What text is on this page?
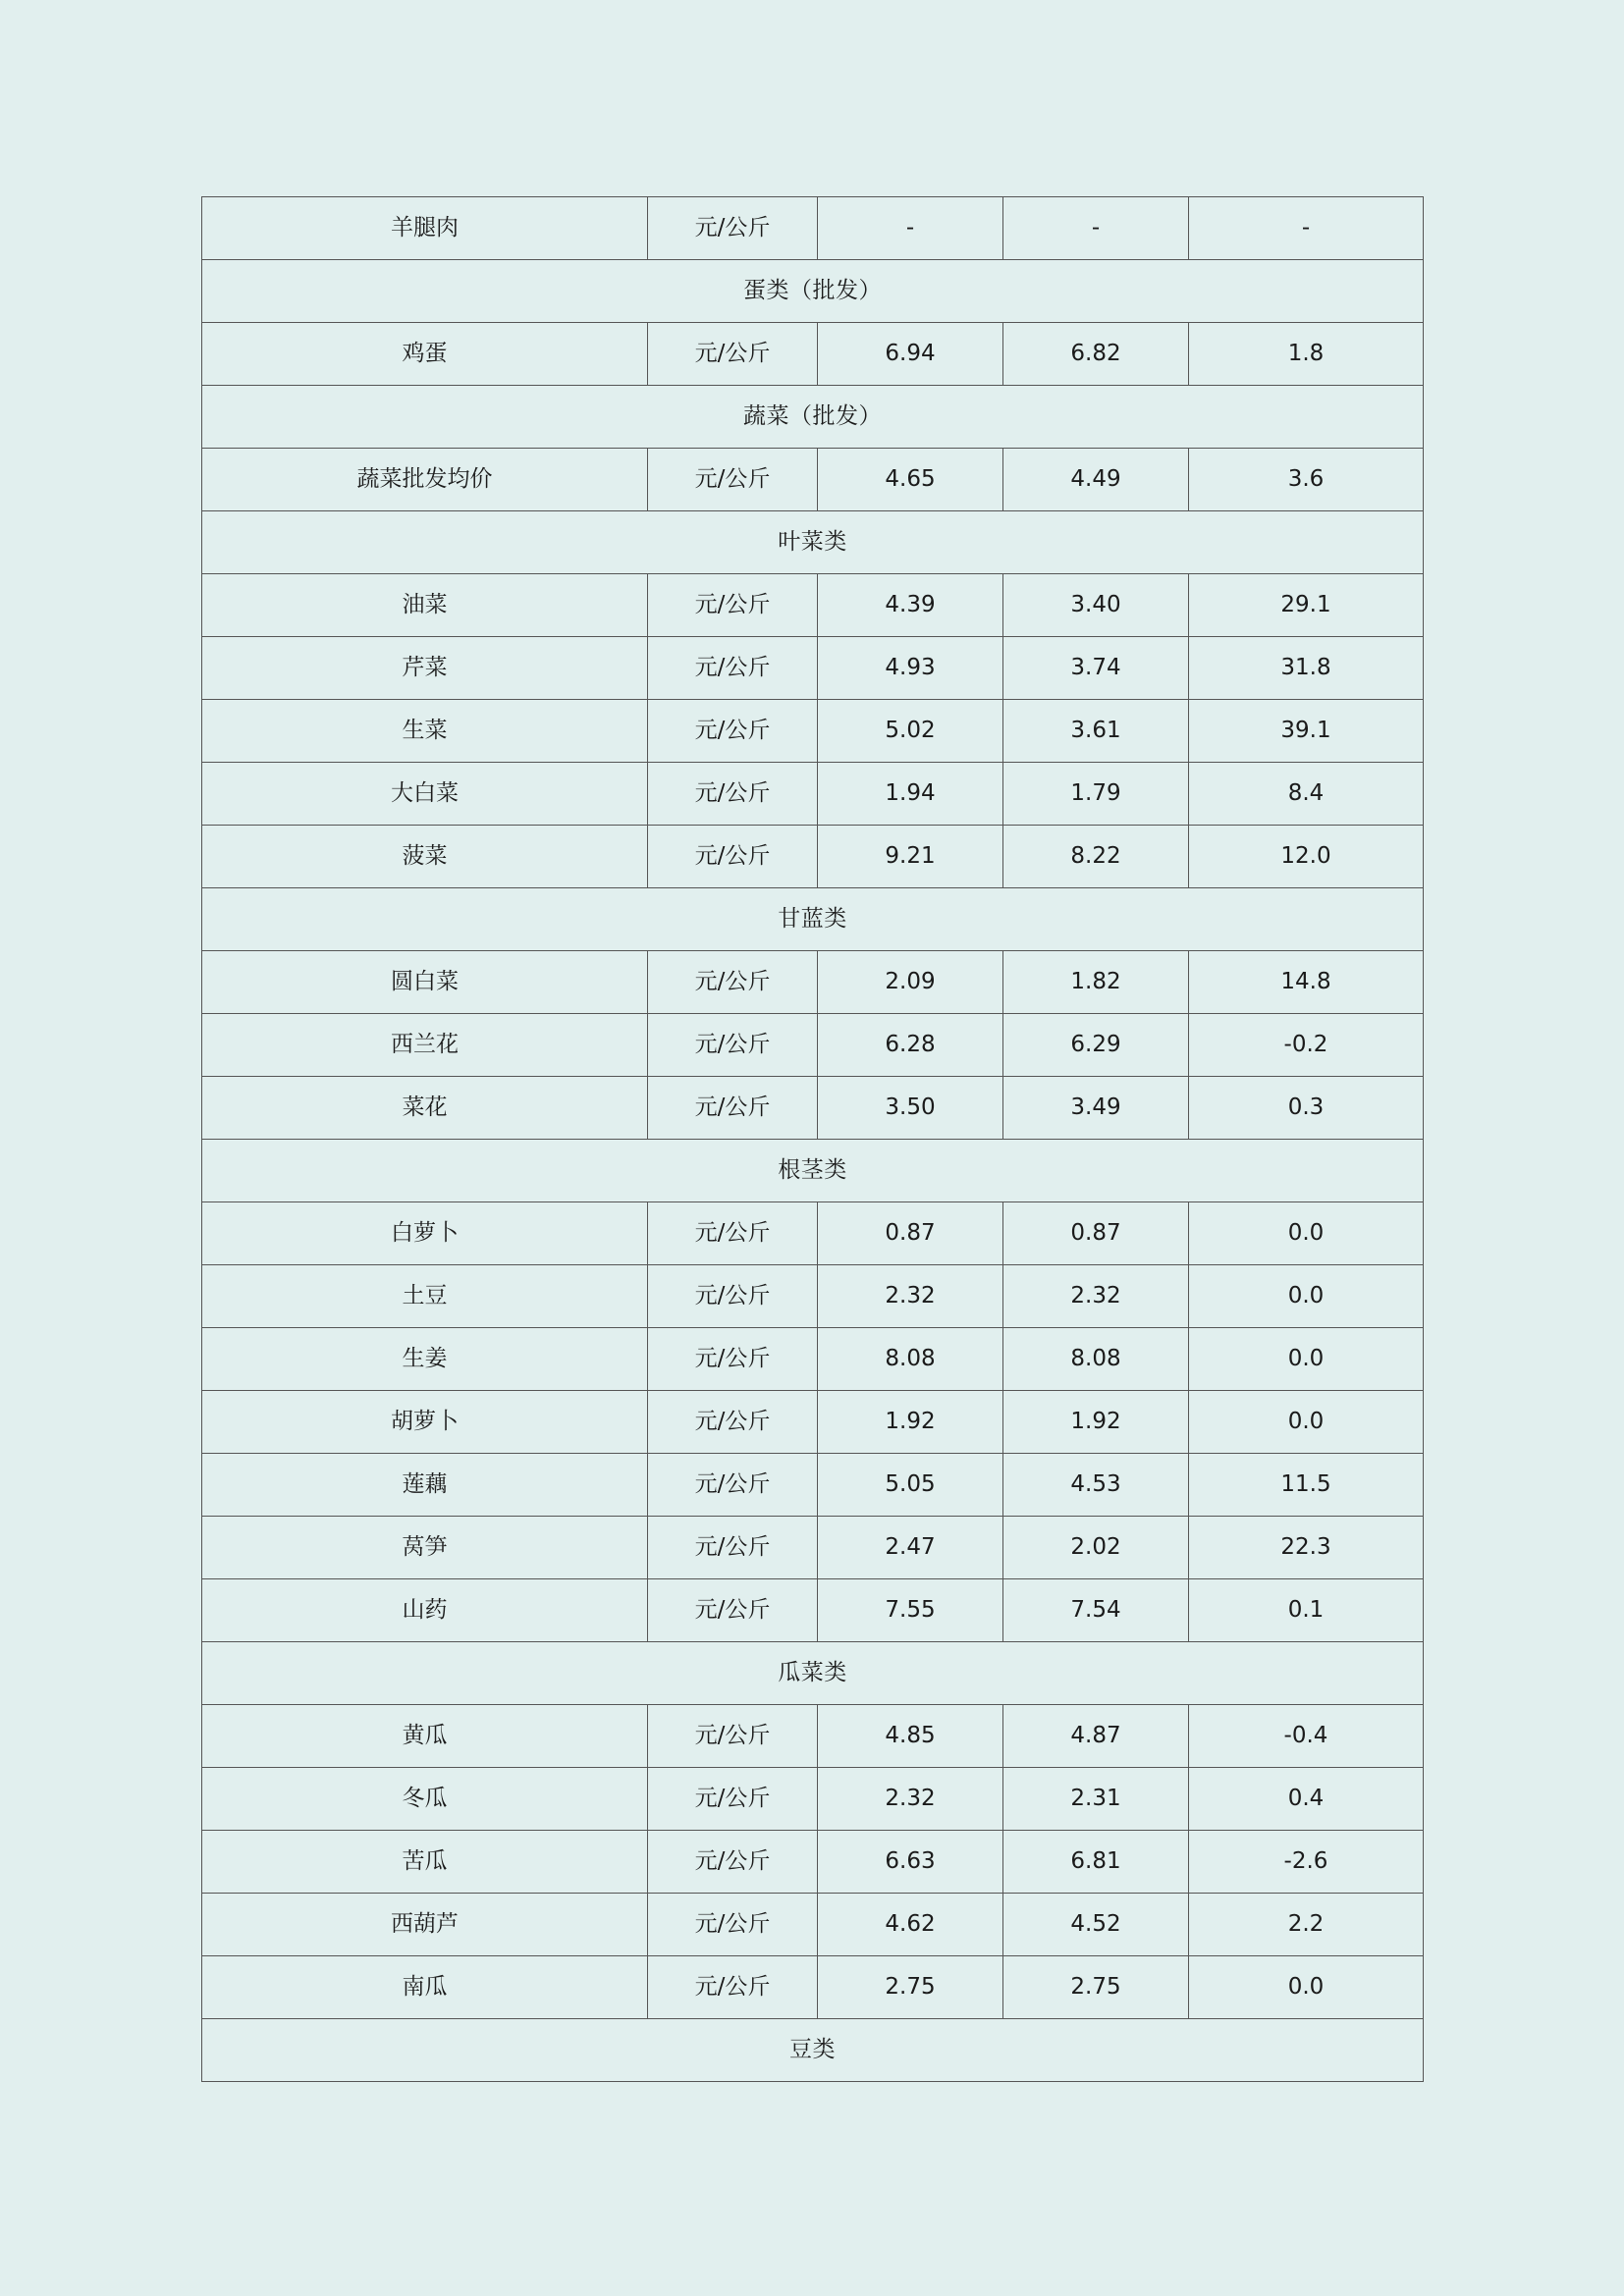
羊腿肉	元/公斤	-	-	-
蛋类（批发）				
鸡蛋	元/公斤	6.94	6.82	1.8
蔬菜（批发）				
蔬菜批发均价	元/公斤	4.65	4.49	3.6
叶菜类				
油菜	元/公斤	4.39	3.40	29.1
芹菜	元/公斤	4.93	3.74	31.8
生菜	元/公斤	5.02	3.61	39.1
大白菜	元/公斤	1.94	1.79	8.4
菠菜	元/公斤	9.21	8.22	12.0
甘蓝类				
圆白菜	元/公斤	2.09	1.82	14.8
西兰花	元/公斤	6.28	6.29	-0.2
菜花	元/公斤	3.50	3.49	0.3
根茎类				
白萝卜	元/公斤	0.87	0.87	0.0
土豆	元/公斤	2.32	2.32	0.0
生姜	元/公斤	8.08	8.08	0.0
胡萝卜	元/公斤	1.92	1.92	0.0
莲藕	元/公斤	5.05	4.53	11.5
莴笋	元/公斤	2.47	2.02	22.3
山药	元/公斤	7.55	7.54	0.1
瓜菜类				
黄瓜	元/公斤	4.85	4.87	-0.4
冬瓜	元/公斤	2.32	2.31	0.4
苦瓜	元/公斤	6.63	6.81	-2.6
西葫芦	元/公斤	4.62	4.52	2.2
南瓜	元/公斤	2.75	2.75	0.0
豆类				
